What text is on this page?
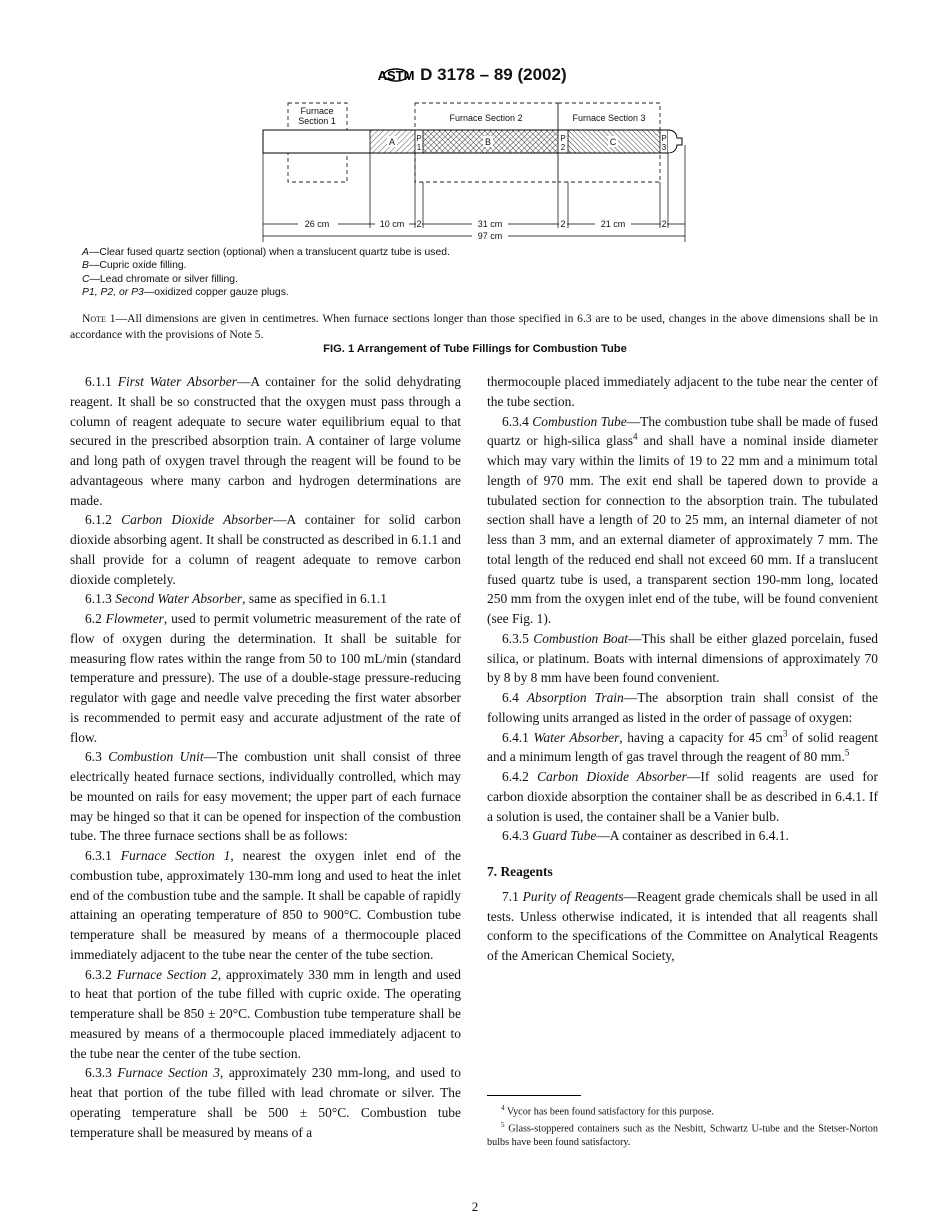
ASTM D 3178 – 89 (2002)
Furnace
Section 1	Furnace Section 2	Furnace Section 3
A	B	C
P
1
P
2
P
3
26 cm	10 cm 2	31 cm	2	21 cm	2
97 cm
A—Clear fused quartz section (optional) when a translucent quartz tube is used.
B—Cupric oxide filling.
C—Lead chromate or silver filling.
P1, P2, or P3—oxidized copper gauze plugs.
Note 1—All dimensions are given in centimetres. When furnace sections longer than those specified in 6.3 are to be used, changes in the above dimensions shall be in accordance with the provisions of Note 5.
FIG. 1 Arrangement of Tube Fillings for Combustion Tube

6.1.1 First Water Absorber—A container for the solid dehydrating reagent. It shall be so constructed that the oxygen must pass through a column of reagent adequate to secure water equilibrium equal to that secured in the prescribed absorption train. A container of large volume and long path of oxygen travel through the reagent will be found to be advantageous where many carbon and hydrogen determinations are made.

6.1.2 Carbon Dioxide Absorber—A container for solid carbon dioxide absorbing agent. It shall be constructed as described in 6.1.1 and shall provide for a column of reagent adequate to remove carbon dioxide completely.

6.1.3 Second Water Absorber, same as specified in 6.1.1

6.2 Flowmeter, used to permit volumetric measurement of the rate of flow of oxygen during the determination. It shall be suitable for measuring flow rates within the range from 50 to 100 mL/min (standard temperature and pressure). The use of a double-stage pressure-reducing regulator with gage and needle valve preceding the first water absorber is recommended to permit easy and accurate adjustment of the rate of flow.

6.3 Combustion Unit—The combustion unit shall consist of three electrically heated furnace sections, individually controlled, which may be mounted on rails for easy movement; the upper part of each furnace may be hinged so that it can be opened for inspection of the combustion tube. The three furnace sections shall be as follows:

6.3.1 Furnace Section 1, nearest the oxygen inlet end of the combustion tube, approximately 130-mm long and used to heat the inlet end of the combustion tube and the sample. It shall be capable of rapidly attaining an operating temperature of 850 to 900°C. Combustion tube temperature shall be measured by means of a thermocouple placed immediately adjacent to the tube near the center of the tube section.

6.3.2 Furnace Section 2, approximately 330 mm in length and used to heat that portion of the tube filled with cupric oxide. The operating temperature shall be 850 ± 20°C. Combustion tube temperature shall be measured by means of a thermocouple placed immediately adjacent to the tube near the center of the tube section.

6.3.3 Furnace Section 3, approximately 230 mm-long, and used to heat that portion of the tube filled with lead chromate or silver. The operating temperature shall be 500 ± 50°C. Combustion tube temperature shall be measured by means of a

thermocouple placed immediately adjacent to the tube near the center of the tube section.

6.3.4 Combustion Tube—The combustion tube shall be made of fused quartz or high-silica glass$^4$ and shall have a nominal inside diameter which may vary within the limits of 19 to 22 mm and a minimum total length of 970 mm. The exit end shall be tapered down to provide a tubulated section for connection to the absorption train. The tubulated section shall have a length of 20 to 25 mm, an internal diameter of not less than 3 mm, and an external diameter of approximately 7 mm. The total length of the reduced end shall not exceed 60 mm. If a translucent fused quartz tube is used, a transparent section 190-mm long, located 250 mm from the oxygen inlet end of the tube, will be found convenient (see Fig. 1).

6.3.5 Combustion Boat—This shall be either glazed porcelain, fused silica, or platinum. Boats with internal dimensions of approximately 70 by 8 by 8 mm have been found convenient.

6.4 Absorption Train—The absorption train shall consist of the following units arranged as listed in the order of passage of oxygen:

6.4.1 Water Absorber, having a capacity for 45 $cm^3$ of solid reagent and a minimum length of gas travel through the reagent of 80 mm.$^5$

6.4.2 Carbon Dioxide Absorber—If solid reagents are used for carbon dioxide absorption the container shall be as described in 6.4.1. If a solution is used, the container shall be a Vanier bulb.

6.4.3 Guard Tube—A container as described in 6.4.1.

7. Reagents

7.1 Purity of Reagents—Reagent grade chemicals shall be used in all tests. Unless otherwise indicated, it is intended that all reagents shall conform to the specifications of the Committee on Analytical Reagents of the American Chemical Society,

$^4$ Vycor has been found satisfactory for this purpose.

$^5$ Glass-stoppered containers such as the Nesbitt, Schwartz U-tube and the Stetser-Norton bulbs have been found satisfactory.

2
